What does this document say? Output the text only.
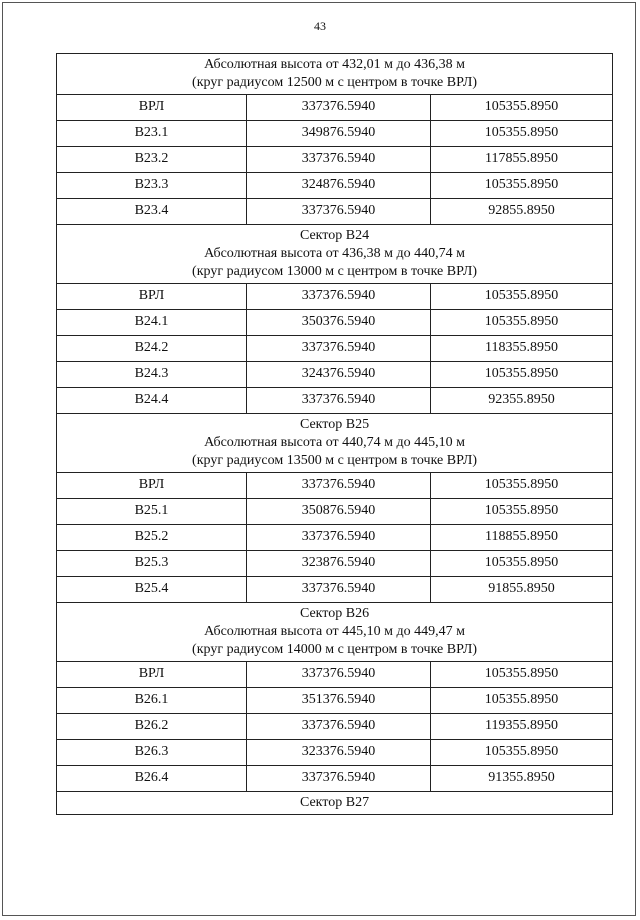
43
Абсолютная высота от 432,01 м до 436,38 м
(круг радиусом 12500 м с центром в точке ВРЛ)		

ВРЛ	337376.5940	105355.8950
В23.1	349876.5940	105355.8950
В23.2	337376.5940	117855.8950
В23.3	324876.5940	105355.8950
В23.4	337376.5940	92855.8950

Сектор В24
Абсолютная высота от 436,38 м до 440,74 м
(круг радиусом 13000 м с центром в точке ВРЛ)		

ВРЛ	337376.5940	105355.8950
В24.1	350376.5940	105355.8950
В24.2	337376.5940	118355.8950
В24.3	324376.5940	105355.8950
В24.4	337376.5940	92355.8950

Сектор В25
Абсолютная высота от 440,74 м до 445,10 м
(круг радиусом 13500 м с центром в точке ВРЛ)		

ВРЛ	337376.5940	105355.8950
В25.1	350876.5940	105355.8950
В25.2	337376.5940	118855.8950
В25.3	323876.5940	105355.8950
В25.4	337376.5940	91855.8950

Сектор В26
Абсолютная высота от 445,10 м до 449,47 м
(круг радиусом 14000 м с центром в точке ВРЛ)		

ВРЛ	337376.5940	105355.8950
В26.1	351376.5940	105355.8950
В26.2	337376.5940	119355.8950
В26.3	323376.5940	105355.8950
В26.4	337376.5940	91355.8950

Сектор В27		
